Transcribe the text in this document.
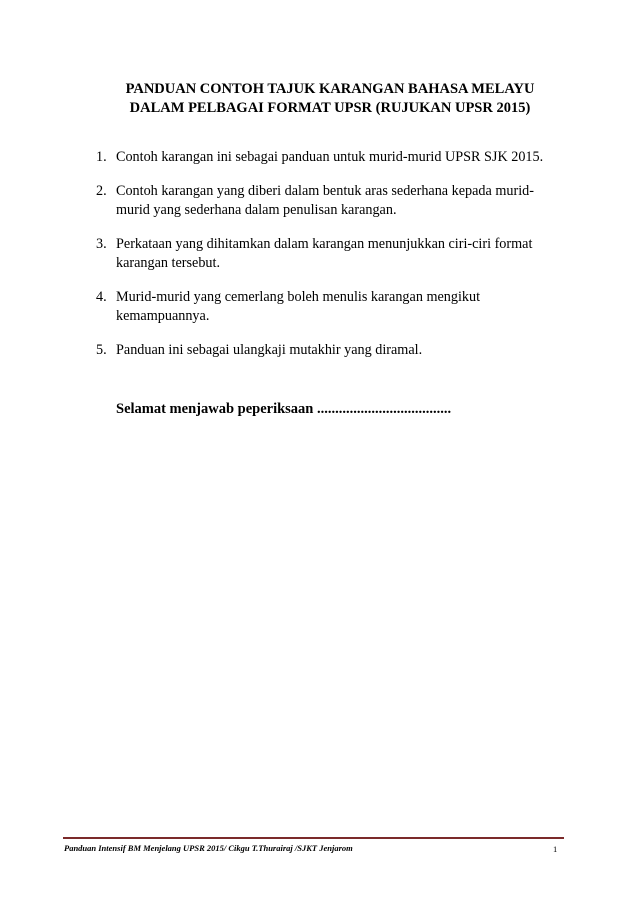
PANDUAN CONTOH TAJUK KARANGAN BAHASA MELAYU
DALAM PELBAGAI FORMAT UPSR (RUJUKAN UPSR 2015)
1. Contoh karangan ini sebagai panduan untuk murid-murid UPSR SJK 2015.
2. Contoh karangan yang diberi dalam bentuk aras sederhana kepada murid-murid yang sederhana dalam penulisan karangan.
3. Perkataan yang dihitamkan dalam karangan menunjukkan ciri-ciri format karangan tersebut.
4. Murid-murid yang cemerlang boleh menulis karangan mengikut kemampuannya.
5. Panduan ini sebagai ulangkaji mutakhir yang diramal.

Selamat menjawab peperiksaan .....................................

Panduan Intensif BM Menjelang UPSR 2015/ Cikgu T.Thurairaj /SJKT Jenjarom	1
